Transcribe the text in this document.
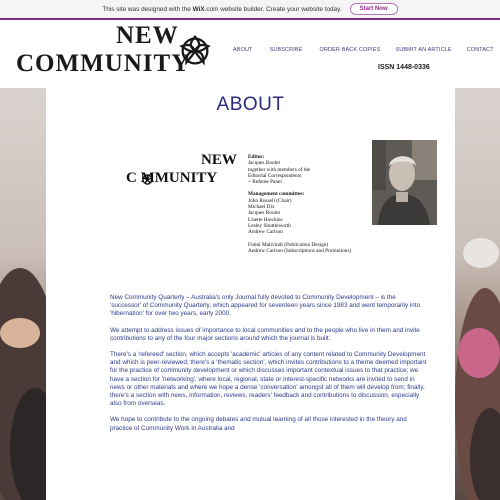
This site was designed with the WiX.com website builder. Create your website today.	Start Now
NEW
COMMUNITY	ABOUT	SUBSCRIBE	ORDER BACK COPIES	SUBMIT AN ARTICLE	CONTACT
ISSN 1448-0336
ABOUT
NEW
C MMUNITY
Editor:
Jacques Boulet
together with members of the
Editorial Correspondents
+ Referee Panel
Management committee:
John Russell (Chair)
Michael Dix
Jacques Boulet
Lisette Hawkins
Lesley Shuttleworth
Andrew Carlson
Fotini Malivindi (Publication Design)
Andrew Carlson (Subscriptions and Promotions)

New Community Quarterly – Australia's only Journal fully devoted to Community Development – is the 'successor' of Community Quarterly, which appeared for seventeen years since 1983 and went temporarily into 'hibernation' for over two years, early 2000.

We attempt to address issues of importance to local communities and to the people who live in them and invite contributions to any of the four major sections around which the journal is built.

There's a 'refereed' section, which accepts 'academic' articles of any content related to Community Development and which is peer-reviewed; there's a 'thematic section', which invites contributions to a theme deemed important for the practice of community development or which discusses important contextual issues to that practice; we have a section for 'networking', where local, regional, state or interest-specific networks are invited to send in news or other materials and where we hope a dense 'conversation' amongst all of them will develop from; finally, there's a section with news, information, reviews, readers' feedback and contributions to discussion, especially also from overseas.

We hope to contribute to the ongoing debates and mutual learning of all those interested in the theory and practice of Community Work in Australia and
